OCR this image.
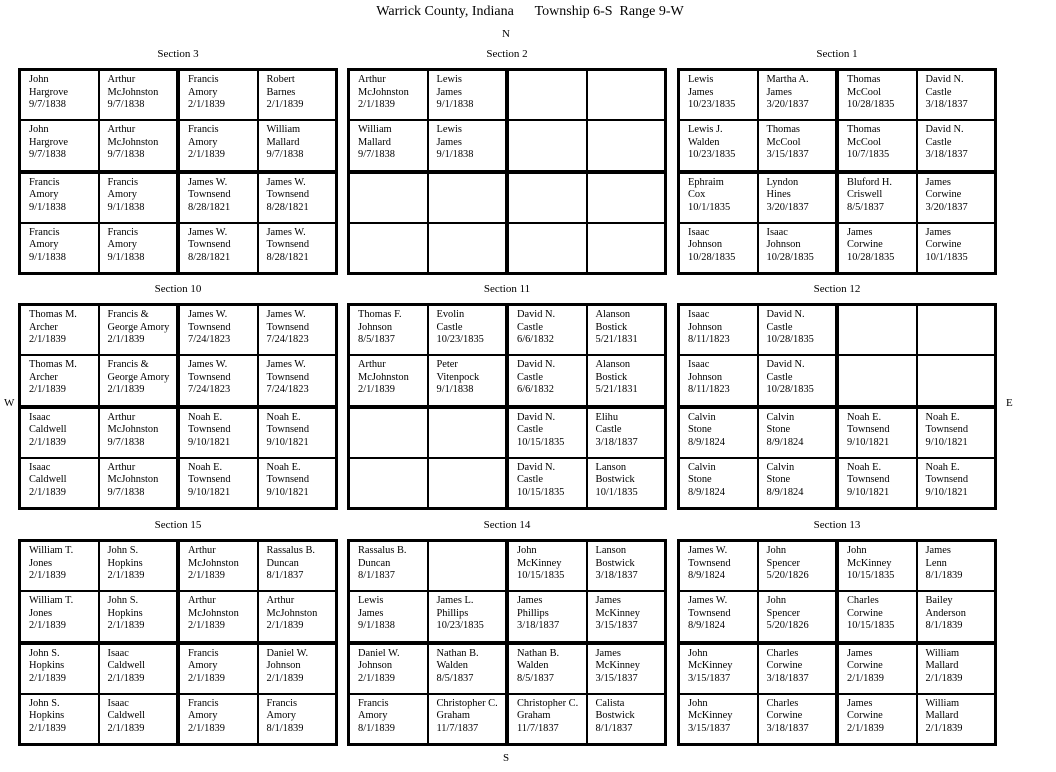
Warrick County, Indiana      Township 6-S  Range 9-W
N
S
W	E
Section 3
John
Hargrove
9/7/1838
Arthur
McJohnston
9/7/1838
John
Hargrove
9/7/1838
Arthur
McJohnston
9/7/1838
Francis
Amory
2/1/1839
Robert
Barnes
2/1/1839
Francis
Amory
2/1/1839
William
Mallard
9/7/1838
Francis
Amory
9/1/1838
Francis
Amory
9/1/1838
Francis
Amory
9/1/1838
Francis
Amory
9/1/1838
James W.
Townsend
8/28/1821
James W.
Townsend
8/28/1821
James W.
Townsend
8/28/1821
James W.
Townsend
8/28/1821
Section 2
Arthur
McJohnston
2/1/1839
Lewis
James
9/1/1838
William
Mallard
9/7/1838
Lewis
James
9/1/1838
Section 1
Lewis
James
10/23/1835
Martha A.
James
3/20/1837
Lewis J.
Walden
10/23/1835
Thomas
McCool
3/15/1837
Thomas
McCool
10/28/1835
David N.
Castle
3/18/1837
Thomas
McCool
10/7/1835
David N.
Castle
3/18/1837
Ephraim
Cox
10/1/1835
Lyndon
Hines
3/20/1837
Isaac
Johnson
10/28/1835
Isaac
Johnson
10/28/1835
Bluford H.
Criswell
8/5/1837
James
Corwine
3/20/1837
James
Corwine
10/28/1835
James
Corwine
10/1/1835
Section 10
Thomas M.
Archer
2/1/1839
Francis &
George Amory
2/1/1839
Thomas M.
Archer
2/1/1839
Francis &
George Amory
2/1/1839
James W.
Townsend
7/24/1823
James W.
Townsend
7/24/1823
James W.
Townsend
7/24/1823
James W.
Townsend
7/24/1823
Isaac
Caldwell
2/1/1839
Arthur
McJohnston
9/7/1838
Isaac
Caldwell
2/1/1839
Arthur
McJohnston
9/7/1838
Noah E.
Townsend
9/10/1821
Noah E.
Townsend
9/10/1821
Noah E.
Townsend
9/10/1821
Noah E.
Townsend
9/10/1821
Section 11
Thomas F.
Johnson
8/5/1837
Evolin
Castle
10/23/1835
Arthur
McJohnston
2/1/1839
Peter
Vitenpock
9/1/1838
David N.
Castle
6/6/1832
Alanson
Bostick
5/21/1831
David N.
Castle
6/6/1832
Alanson
Bostick
5/21/1831
David N.
Castle
10/15/1835
Elihu
Castle
3/18/1837
David N.
Castle
10/15/1835
Lanson
Bostwick
10/1/1835
Section 12
Isaac
Johnson
8/11/1823
David N.
Castle
10/28/1835
Isaac
Johnson
8/11/1823
David N.
Castle
10/28/1835
Calvin
Stone
8/9/1824
Calvin
Stone
8/9/1824
Calvin
Stone
8/9/1824
Calvin
Stone
8/9/1824
Noah E.
Townsend
9/10/1821
Noah E.
Townsend
9/10/1821
Noah E.
Townsend
9/10/1821
Noah E.
Townsend
9/10/1821
Section 15
William T.
Jones
2/1/1839
John S.
Hopkins
2/1/1839
William T.
Jones
2/1/1839
John S.
Hopkins
2/1/1839
Arthur
McJohnston
2/1/1839
Rassalus B.
Duncan
8/1/1837
Arthur
McJohnston
2/1/1839
Arthur
McJohnston
2/1/1839
John S.
Hopkins
2/1/1839
Isaac
Caldwell
2/1/1839
John S.
Hopkins
2/1/1839
Isaac
Caldwell
2/1/1839
Francis
Amory
2/1/1839
Daniel W.
Johnson
2/1/1839
Francis
Amory
2/1/1839
Francis
Amory
8/1/1839
Section 14
Rassalus B.
Duncan
8/1/1837
Lewis
James
9/1/1838
James L.
Phillips
10/23/1835
John
McKinney
10/15/1835
Lanson
Bostwick
3/18/1837
James
Phillips
3/18/1837
James
McKinney
3/15/1837
Daniel W.
Johnson
2/1/1839
Nathan B.
Walden
8/5/1837
Francis
Amory
8/1/1839
Christopher C.
Graham
11/7/1837
Nathan B.
Walden
8/5/1837
James
McKinney
3/15/1837
Christopher C.
Graham
11/7/1837
Calista
Bostwick
8/1/1837
Section 13
James W.
Townsend
8/9/1824
John
Spencer
5/20/1826
James W.
Townsend
8/9/1824
John
Spencer
5/20/1826
John
McKinney
10/15/1835
James
Lenn
8/1/1839
Charles
Corwine
10/15/1835
Bailey
Anderson
8/1/1839
John
McKinney
3/15/1837
Charles
Corwine
3/18/1837
John
McKinney
3/15/1837
Charles
Corwine
3/18/1837
James
Corwine
2/1/1839
William
Mallard
2/1/1839
James
Corwine
2/1/1839
William
Mallard
2/1/1839
